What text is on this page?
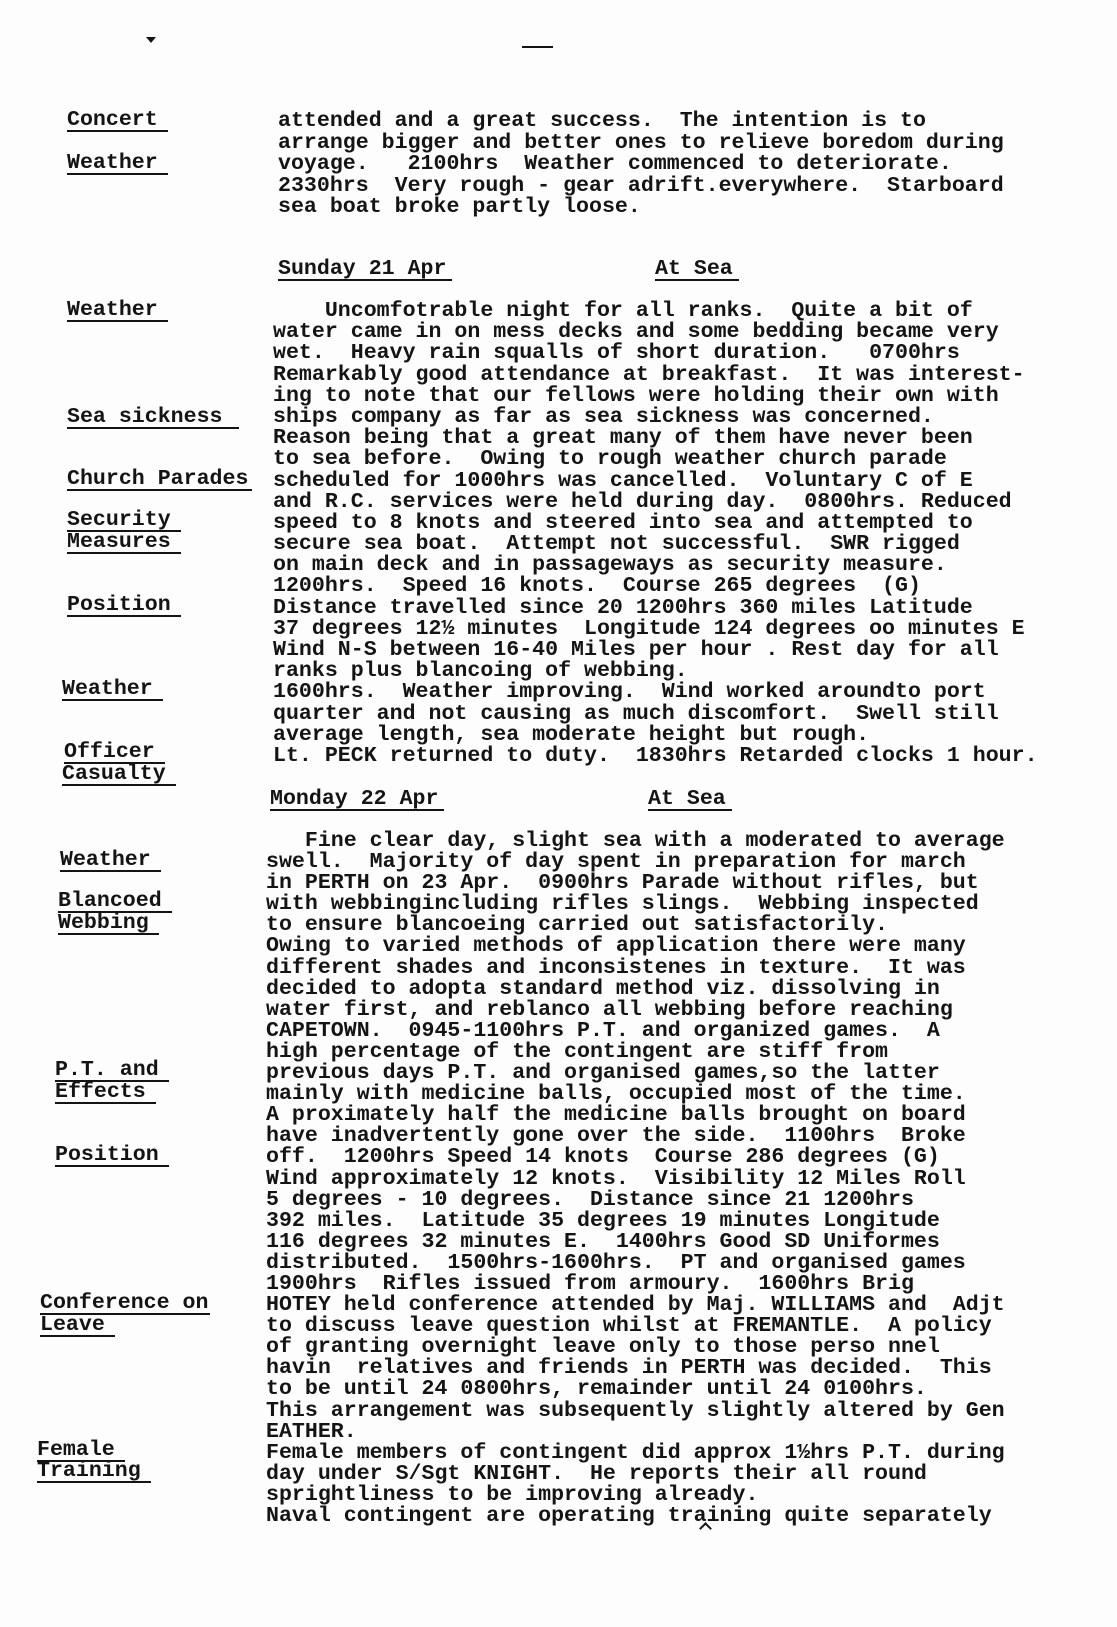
Concert
Weather
Weather
Sea sickness
Church Parades
Security
Measures
Position
Weather
Officer
Casualty
Weather
Blancoed
Webbing
P.T. and
Effects
Position
Conference on
Leave
Female
Training
attended and a great success.  The intention is to
arrange bigger and better ones to relieve boredom during
voyage.   2100hrs  Weather commenced to deteriorate.
2330hrs  Very rough - gear adrift.everywhere.  Starboard
sea boat broke partly loose.
Sunday 21 Apr	At Sea
Uncomfotrable night for all ranks.  Quite a bit of
water came in on mess decks and some bedding became very
wet.  Heavy rain squalls of short duration.   0700hrs
Remarkably good attendance at breakfast.  It was interest-
ing to note that our fellows were holding their own with
ships company as far as sea sickness was concerned.
Reason being that a great many of them have never been
to sea before.  Owing to rough weather church parade
scheduled for 1000hrs was cancelled.  Voluntary C of E
and R.C. services were held during day.  0800hrs. Reduced
speed to 8 knots and steered into sea and attempted to
secure sea boat.  Attempt not successful.  SWR rigged
on main deck and in passageways as security measure.
1200hrs.  Speed 16 knots.  Course 265 degrees  (G)
Distance travelled since 20 1200hrs 360 miles Latitude
37 degrees 12½ minutes  Longitude 124 degrees oo minutes E
Wind N-S between 16-40 Miles per hour . Rest day for all
ranks plus blancoing of webbing.
1600hrs.  Weather improving.  Wind worked aroundto port
quarter and not causing as much discomfort.  Swell still
average length, sea moderate height but rough.
Lt. PECK returned to duty.  1830hrs Retarded clocks 1 hour.
Monday 22 Apr	At Sea
Fine clear day, slight sea with a moderated to average
swell.  Majority of day spent in preparation for march
in PERTH on 23 Apr.  0900hrs Parade without rifles, but
with webbingincluding rifles slings.  Webbing inspected
to ensure blancoeing carried out satisfactorily.
Owing to varied methods of application there were many
different shades and inconsistenes in texture.  It was
decided to adopta standard method viz. dissolving in
water first, and reblanco all webbing before reaching
CAPETOWN.  0945-1100hrs P.T. and organized games.  A
high percentage of the contingent are stiff from
previous days P.T. and organised games,so the latter
mainly with medicine balls, occupied most of the time.
A proximately half the medicine balls brought on board
have inadvertently gone over the side.  1100hrs  Broke
off.  1200hrs Speed 14 knots  Course 286 degrees (G)
Wind approximately 12 knots.  Visibility 12 Miles Roll
5 degrees - 10 degrees.  Distance since 21 1200hrs
392 miles.  Latitude 35 degrees 19 minutes Longitude
116 degrees 32 minutes E.  1400hrs Good SD Uniformes
distributed.  1500hrs-1600hrs.  PT and organised games
1900hrs  Rifles issued from armoury.  1600hrs Brig
HOTEY held conference attended by Maj. WILLIAMS and  Adjt
to discuss leave question whilst at FREMANTLE.  A policy
of granting overnight leave only to those perso nnel
havin  relatives and friends in PERTH was decided.  This
to be until 24 0800hrs, remainder until 24 0100hrs.
This arrangement was subsequently slightly altered by Gen
EATHER.
Female members of contingent did approx 1½hrs P.T. during
day under S/Sgt KNIGHT.  He reports their all round
sprightliness to be improving already.
Naval contingent are operating training quite separately
